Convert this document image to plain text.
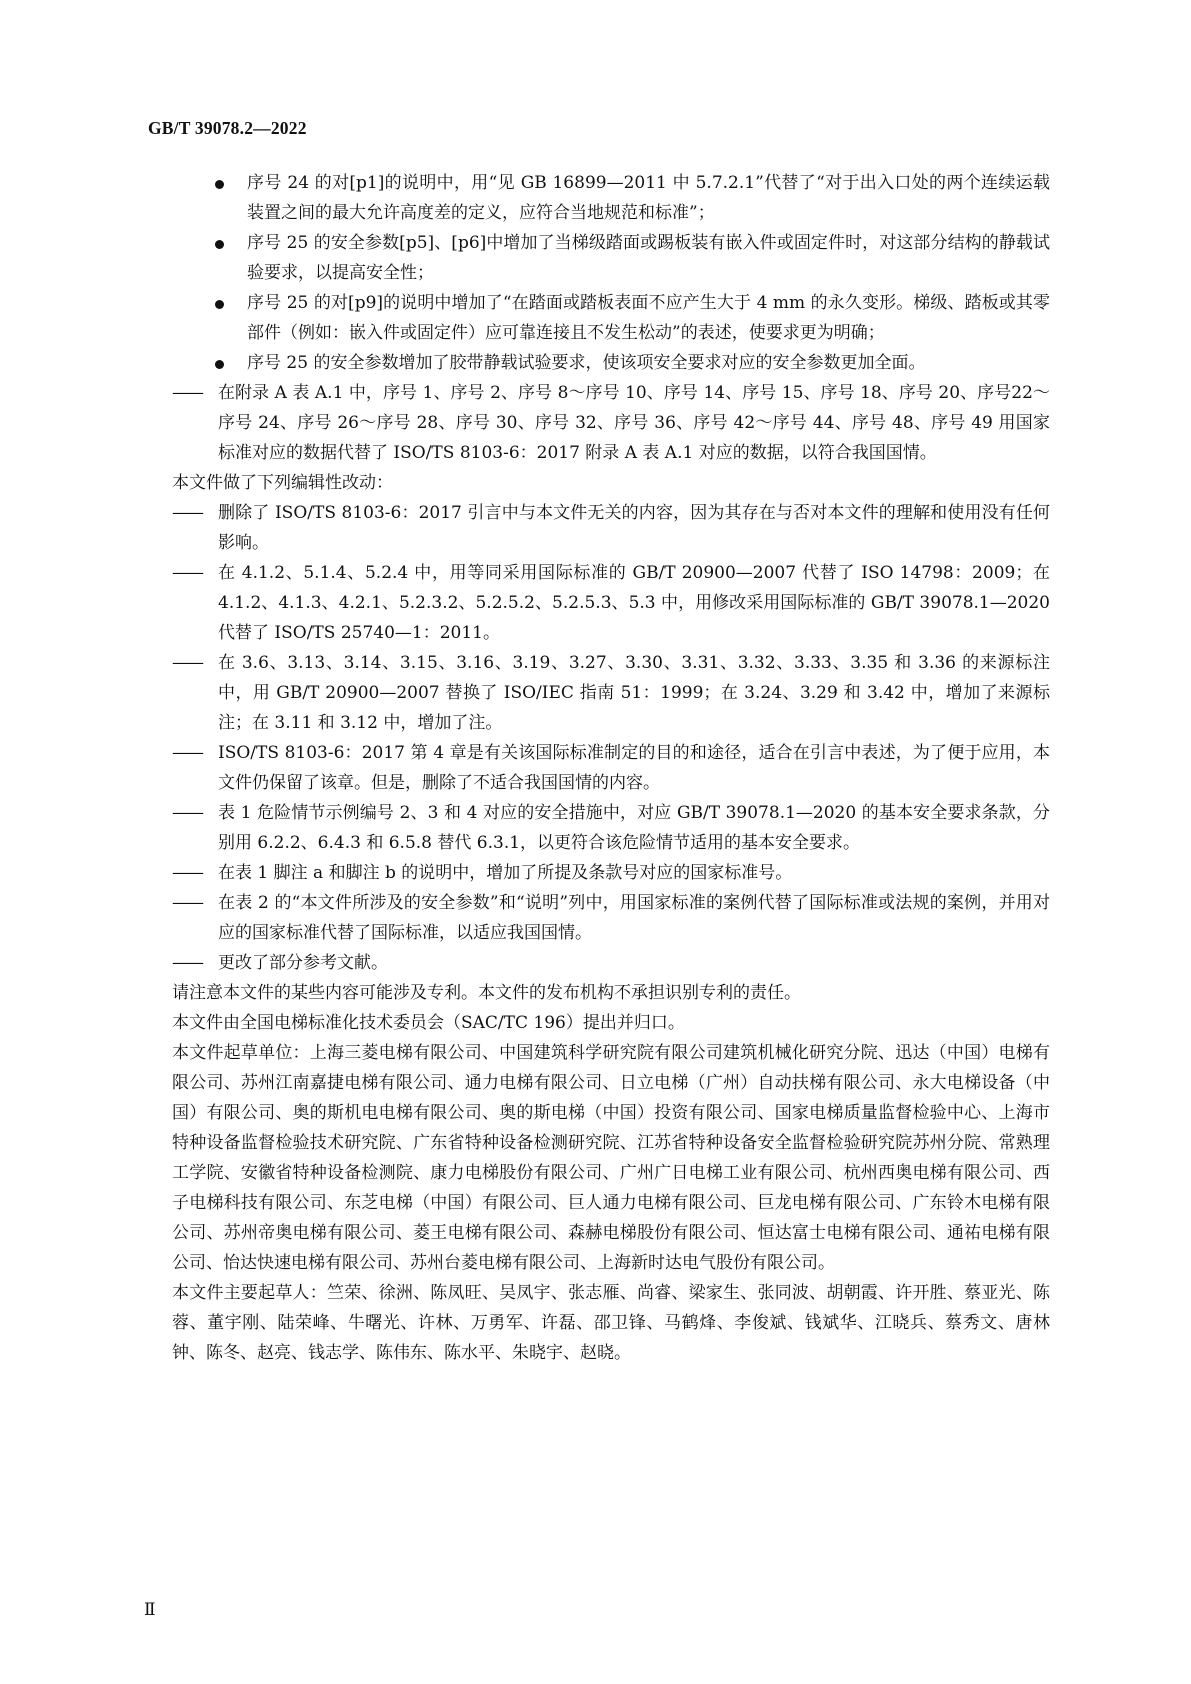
GB/T 39078.2—2022
序号 24 的对[p1]的说明中，用“见 GB 16899—2011 中 5.7.2.1”代替了“对于出入口处的两个连续运载装置之间的最大允许高度差的定义，应符合当地规范和标准”；
序号 25 的安全参数[p5]、[p6]中增加了当梯级踏面或踢板装有嵌入件或固定件时，对这部分结构的静载试验要求，以提高安全性；
序号 25 的对[p9]的说明中增加了“在踏面或踏板表面不应产生大于 4 mm 的永久变形。梯级、踏板或其零部件（例如：嵌入件或固定件）应可靠连接且不发生松动”的表述，使要求更为明确；
序号 25 的安全参数增加了胶带静载试验要求，使该项安全要求对应的安全参数更加全面。
—— 在附录 A 表 A.1 中，序号 1、序号 2、序号 8～序号 10、序号 14、序号 15、序号 18、序号 20、序号22～序号 24、序号 26～序号 28、序号 30、序号 32、序号 36、序号 42～序号 44、序号 48、序号 49 用国家标准对应的数据代替了 ISO/TS 8103-6：2017 附录 A 表 A.1 对应的数据，以符合我国国情。
本文件做了下列编辑性改动：
—— 删除了 ISO/TS 8103-6：2017 引言中与本文件无关的内容，因为其存在与否对本文件的理解和使用没有任何影响。
—— 在 4.1.2、5.1.4、5.2.4 中，用等同采用国际标准的 GB/T 20900—2007 代替了 ISO 14798：2009；在 4.1.2、4.1.3、4.2.1、5.2.3.2、5.2.5.2、5.2.5.3、5.3 中，用修改采用国际标准的 GB/T 39078.1—2020 代替了 ISO/TS 25740—1：2011。
—— 在 3.6、3.13、3.14、3.15、3.16、3.19、3.27、3.30、3.31、3.32、3.33、3.35 和 3.36 的来源标注中，用 GB/T 20900—2007 替换了 ISO/IEC 指南 51：1999；在 3.24、3.29 和 3.42 中，增加了来源标注；在 3.11 和 3.12 中，增加了注。
—— ISO/TS 8103-6：2017 第 4 章是有关该国际标准制定的目的和途径，适合在引言中表述，为了便于应用，本文件仍保留了该章。但是，删除了不适合我国国情的内容。
—— 表 1 危险情节示例编号 2、3 和 4 对应的安全措施中，对应 GB/T 39078.1—2020 的基本安全要求条款，分别用 6.2.2、6.4.3 和 6.5.8 替代 6.3.1，以更符合该危险情节适用的基本安全要求。
—— 在表 1 脚注 a 和脚注 b 的说明中，增加了所提及条款号对应的国家标准号。
—— 在表 2 的“本文件所涉及的安全参数”和“说明”列中，用国家标准的案例代替了国际标准或法规的案例，并用对应的国家标准代替了国际标准，以适应我国国情。
—— 更改了部分参考文献。
请注意本文件的某些内容可能涉及专利。本文件的发布机构不承担识别专利的责任。
本文件由全国电梯标准化技术委员会（SAC/TC 196）提出并归口。
本文件起草单位：上海三菱电梯有限公司、中国建筑科学研究院有限公司建筑机械化研究分院、迅达（中国）电梯有限公司、苏州江南嘉捷电梯有限公司、通力电梯有限公司、日立电梯（广州）自动扶梯有限公司、永大电梯设备（中国）有限公司、奥的斯机电电梯有限公司、奥的斯电梯（中国）投资有限公司、国家电梯质量监督检验中心、上海市特种设备监督检验技术研究院、广东省特种设备检测研究院、江苏省特种设备安全监督检验研究院苏州分院、常熟理工学院、安徽省特种设备检测院、康力电梯股份有限公司、广州广日电梯工业有限公司、杭州西奥电梯有限公司、西子电梯科技有限公司、东芝电梯（中国）有限公司、巨人通力电梯有限公司、巨龙电梯有限公司、广东铃木电梯有限公司、苏州帝奥电梯有限公司、菱王电梯有限公司、森赫电梯股份有限公司、恒达富士电梯有限公司、通祐电梯有限公司、怡达快速电梯有限公司、苏州台菱电梯有限公司、上海新时达电气股份有限公司。
本文件主要起草人：竺荣、徐洲、陈凤旺、吴凤宇、张志雁、尚睿、梁家生、张同波、胡朝霞、许开胜、蔡亚光、陈蓉、董宇刚、陆荣峰、牛曙光、许林、万勇军、许磊、邵卫锋、马鹤烽、李俊斌、钱斌华、江晓兵、蔡秀文、唐林钟、陈冬、赵亮、钱志学、陈伟东、陈水平、朱晓宇、赵晓。
Ⅱ
